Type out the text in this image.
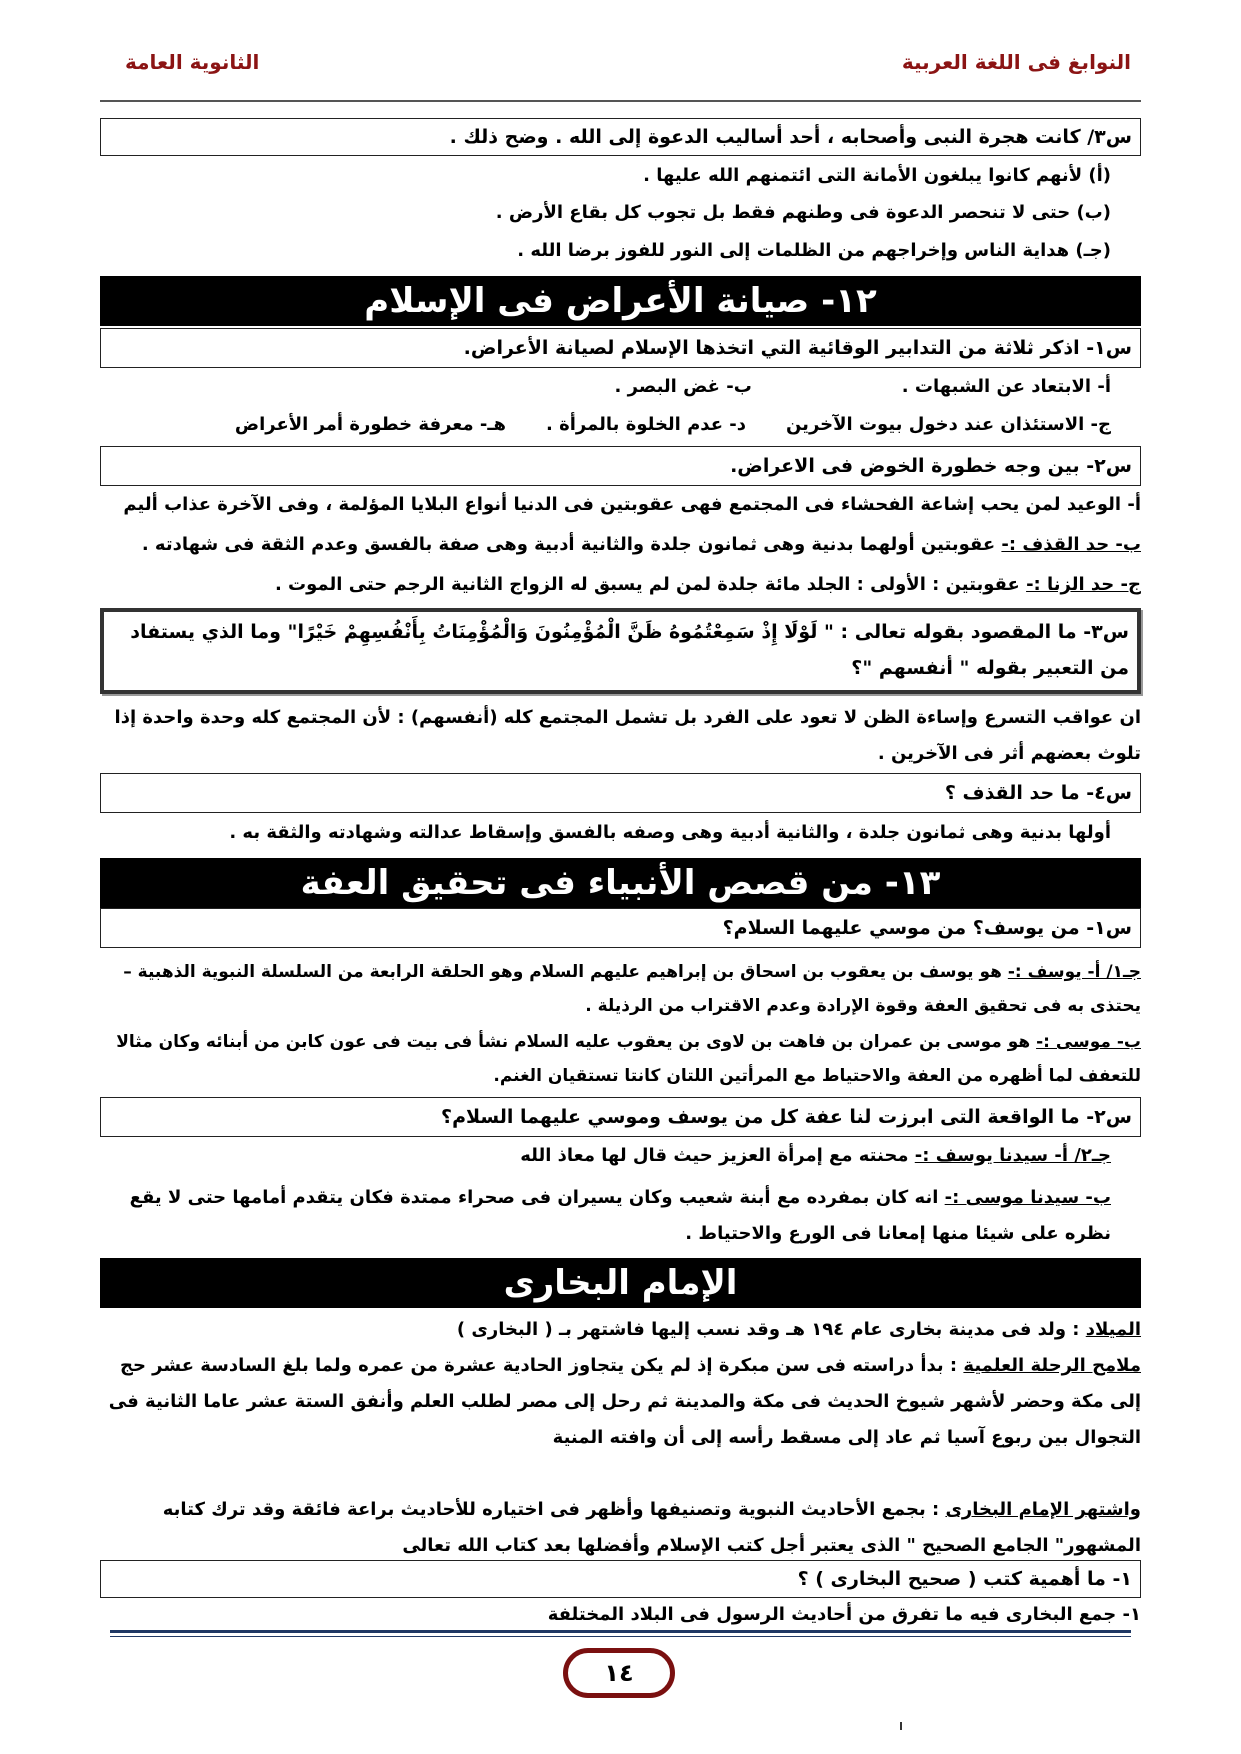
النوابغ فى اللغة العربية
الثانوية العامة
س٣/ كانت هجرة النبى وأصحابه ، أحد أساليب الدعوة إلى الله . وضح ذلك .
(أ) لأنهم كانوا يبلغون الأمانة التى ائتمنهم الله عليها .
(ب) حتى لا تنحصر الدعوة فى وطنهم فقط بل تجوب كل بقاع الأرض .
(جـ) هداية الناس وإخراجهم من الظلمات إلى النور للفوز برضا الله .
١٢- صيانة الأعراض فى الإسلام
س١- اذكر ثلاثة من التدابير الوقائية التي اتخذها الإسلام لصيانة الأعراض.
أ- الابتعاد عن الشبهات .
ب- غض البصر .
ج- الاستئذان عند دخول بيوت الآخرين
د- عدم الخلوة بالمرأة .
هـ- معرفة خطورة أمر الأعراض
س٢- بين وجه خطورة الخوض فى الاعراض.
أ- الوعيد لمن يحب إشاعة الفحشاء فى المجتمع فهى عقوبتين فى الدنيا أنواع البلايا المؤلمة ، وفى الآخرة عذاب أليم
ب- حد القذف :- عقوبتين أولهما بدنية وهى ثمانون جلدة والثانية أدبية وهى صفة بالفسق وعدم الثقة فى شهادته .
ج- حد الزنا :- عقوبتين : الأولى : الجلد مائة جلدة لمن لم يسبق له الزواج الثانية الرجم حتى الموت .
س٣- ما المقصود بقوله تعالى : " لَوْلَا إِذْ سَمِعْتُمُوهُ ظَنَّ الْمُؤْمِنُونَ وَالْمُؤْمِنَاتُ بِأَنْفُسِهِمْ خَيْرًا" وما الذي يستفاد من التعبير بقوله " أنفسهم "؟
ان عواقب التسرع وإساءة الظن لا تعود على الفرد بل تشمل المجتمع كله (أنفسهم) : لأن المجتمع كله وحدة واحدة إذا تلوث بعضهم أثر فى الآخرين .
س٤- ما حد القذف ؟
أولها بدنية وهى ثمانون جلدة ، والثانية أدبية وهى وصفه بالفسق وإسقاط عدالته وشهادته والثقة به .
١٣- من قصص الأنبياء فى تحقيق العفة
س١- من يوسف؟ من موسي عليهما السلام؟
جـ١/ أ- يوسف :- هو يوسف بن يعقوب بن اسحاق بن إبراهيم عليهم السلام وهو الحلقة الرابعة من السلسلة النبوية الذهبية – يحتذى به فى تحقيق العفة وقوة الإرادة وعدم الاقتراب من الرذيلة .
ب- موسى :- هو موسى بن عمران بن فاهت بن لاوى بن يعقوب عليه السلام نشأ فى بيت فى عون كابن من أبنائه وكان مثالا للتعفف لما أظهره من العفة والاحتياط مع المرأتين اللتان كانتا تستقيان الغنم.
س٢- ما الواقعة التى ابرزت لنا عفة كل من يوسف وموسي عليهما السلام؟
جـ٢/ أ- سيدنا يوسف :- محنته مع إمرأة العزيز حيث قال لها معاذ الله
ب- سيدنا موسى :- انه كان بمفرده مع أبنة شعيب وكان يسيران فى صحراء ممتدة فكان يتقدم أمامها حتى لا يقع نظره على شيئا منها إمعانا فى الورع والاحتياط .
الإمام البخارى
الميلاد : ولد فى مدينة بخارى عام ١٩٤ هـ وقد نسب إليها فاشتهر بـ ( البخارى )
ملامح الرحلة العلمية : بدأ دراسته فى سن مبكرة إذ لم يكن يتجاوز الحادية عشرة من عمره ولما بلغ السادسة عشر حج إلى مكة وحضر لأشهر شيوخ الحديث فى مكة والمدينة ثم رحل إلى مصر لطلب العلم وأنفق الستة عشر عاما الثانية فى التجوال بين ربوع آسيا ثم عاد إلى مسقط رأسه إلى أن وافته المنية
واشتهر الإمام البخارى : بجمع الأحاديث النبوية وتصنيفها وأظهر فى اختياره للأحاديث براعة فائقة وقد ترك كتابه المشهور" الجامع الصحيح " الذى يعتبر أجل كتب الإسلام وأفضلها بعد كتاب الله تعالى
١- ما أهمية كتب ( صحيح البخارى ) ؟
١- جمع البخارى فيه ما تفرق من أحاديث الرسول فى البلاد المختلفة
١٤
